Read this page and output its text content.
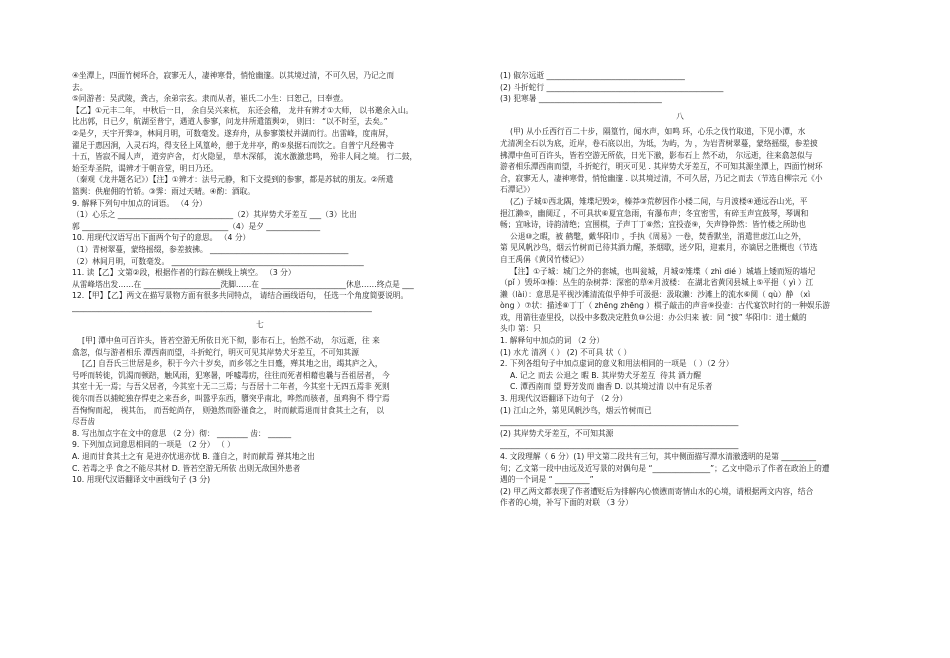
④坐潭上，四面竹树环合，寂寥无人，凄神寒骨，悄怆幽邃。以其境过清，不可久居，乃记之而
去。
⑤同游者：吴武陵，龚古，余弟宗玄。隶而从者，崔氏二小生：曰恕己，曰奉壹。
【乙】①元丰二年， 中秋后一日， 余自吴兴来杭， 东还会稽， 龙井有辨才①大师， 以书邀余入山。
比出郭，日已夕，航湖至普宁，遇道人参寥，问龙井所遣篮舆②， 则曰： “以不时至，去矣。”
②是夕，天宇开霁③，林间月明，可数毫发。遂弃舟，从参寥策杖并湖而行。出雷峰，度南屏，
濯足于惠因涧，入灵石坞，得支径上风篁岭，憩于龙井亭，酌⑤泉据石而饮之。自普宁凡经佛寺
十五，皆寂不闻人声， 道旁庐舍， 灯火隐显， 草木深郁， 流水激激悲鸣， 殆非人间之境。 行二鼓，
始至寿圣院，谒辨才于朝音堂，明日乃还。
（秦观《龙井题名记》）【注】①辨才：法号元静，和下文提到的参寥，都是苏轼的朋友。②所遣
篮舆：供雇佣的竹轿。③霁：雨过天晴。④酌：酒取。
9. 解释下列句中加点的词语。 （4 分）
（1）心乐之 ______________________________（2）其岸势犬牙差互 ___（3）比出
郭 ______________________________________（4）是夕 ______________
10. 用现代汉语写出下面两个句子的意思。 （4 分）
（1）青树翠蔓，蒙络摇缀，参差披拂。 ____________________________________
（2）林间月明，可数毫发。 __________________________________________________
11. 读【乙】文第②段，根据作者的行踪在横线上填空。 （3 分）
从雷峰塔出发……在 ____________________洗脚……在 ______________________休息……终点是 ___
12.【甲】【乙】两文在描写景物方面有很多共同特点， 请结合画线语句， 任选一个角度简要说明。
______________________________________________________________________________
七
[甲] 潭中鱼可百许头，皆若空游无所依日光下彻，影布石上，怡然不动， 尔远逝，往 来
翕忽，似与游者相乐 潭西南而望，斗折蛇行，明灭可见其岸势犬牙差互，不可知其源
[乙] 自吾氏三世居是乡，积于今六十岁矣，而乡邻之生日蹙，殚其地之出，竭其庐之入，
号呼而转徙，饥渴而顿踣，触风雨，犯寒暑，呼嘘毒疠，往往而死者相藉也曩与吾祖居者， 今
其室十无一焉；与吾父居者，今其室十无二三焉；与吾居十二年者，今其室十无四五焉非 死则
徙尔而吾以捕蛇独存悍吏之来吾乡，叫嚣乎东西，隳突乎南北，哗然而骇者，虽鸡狗不 得宁焉
吾恂恂而起， 视其缶， 而吾蛇尚存， 则弛然而卧谨食之， 时而献焉退而甘食其土之有， 以
尽吾齿
8. 写出加点字在文中的意思 （2 分）彻： ________ 齿： ______
9. 下列加点词意思相同的一项是 （2 分） （ ）
A. 退而甘食其土之有 是进亦忧退亦忧 B. 蓬自之，时而献焉 弹其地之出
C. 若毒之乎 食之不能尽其材 D. 皆若空游无所依 出则无敌国外患者
10. 用现代汉语翻译文中画线句子 (3 分)
(1) 俶尔远逝 ____________________________________
(2) 斗折蛇行 ______________________________________________
(3) 犯寒暑 ________________________________
八
(甲) 从小丘西行百二十步，隔篁竹，闻水声，如鸣 环，心乐之伐竹取道，下见小潭，水
尤清冽全石以为底，近岸，卷石底以出，为坻，为屿，为 ，为岩青树翠蔓，蒙络摇缀，参差披
拂潭中鱼可百许头，皆若空游无所依，日光下澈，影布石上 然不动， 尔远逝，往来翕忽似与
游者相乐潭西南而望，斗折蛇行，明灭可见 . 其岸势犬牙差互，不可知其源坐潭上，四面竹树环
合，寂寥无人，凄神寒骨，悄怆幽邃 . 以其境过清，不可久居，乃记之而去（节选自柳宗元《小
石潭记》）
(乙) 子城①西北隅，雉堞圮毁②，榛莽③荒秽因作小楼二间，与月波楼④通远吞山光，平
挹江濑⑤，幽阒辽 ，不可具状⑥夏宜急雨，有瀑布声；冬宜密雪，有碎玉声宜鼓琴，琴调和
畅；宜咏诗，诗韵清绝；宜围棋，子声丁丁⑧然；宜投壶⑨，矢声铮铮然：皆竹楼之所助也
公退⑩之暇，被 鹤氅，戴华阳巾 ，手执《周易》一卷，焚香默坐，消遣世虑江山之外，
第 见风帆沙鸟，烟云竹树而已待其酒力醒，茶烟歇，送夕阳，迎素月，亦谪居之胜概也（节选
自王禹偁《黄冈竹楼记》）
【注】①子城：城门之外的套城，也叫瓮城，月城②雉堞（ zhì dié ）城墙上矮而短的墙圮
（pǐ ）毁坏③榛：丛生的杂树莽：深密的草④月波楼： 在湖北省黄冈县城上⑤平挹（ yì ）江
濑（lài）：意思是平视沙滩清流似乎伸手可汲挹：汲取濑：沙滩上的流水⑥阒（ qù）静 （xì
òng ）⑦状：描述⑧丁丁（ zhēng zhēng ）棋子敲击的声音⑨投壶：古代宴饮时行的一种娱乐游
戏，用箭往壶里投，以投中多数决定胜负⑩公退：办公归来 被：同 “披” 华阳巾：道士戴的
头巾 第：只
1. 解释句中加点的词 （2 分）
(1) 水尤 清冽（ ） (2) 不可具 状（ ）
2. 下列各组句子中加点虚词的意义和用法相同的一项是 （ ）（2 分）
A. 记之 而去 公退之 暇 B. 其岸势犬牙差互 ‍‍‍ 待其 酒力醒
C. 潭西南而 望 野芳发而 幽香 D. 以其境过清 以中有足乐者
3. 用现代汉语翻译下边句子 （2 分）
(1) 江山之外，第见风帆沙鸟，烟云竹树而已
______________________________________________________________
(2) 其岸势犬牙差互，不可知其源
______________________________________________________________
4. 文段理解（ 6 分）(1) 甲文第二段共有三句，其中侧面描写潭水清澈透明的是第 _________
句；乙文第一段中由远及近写景的对偶句是 “_______________”；乙文中隐示了作者在政治上的遭
遇的一个词是 “ _________”
(2) 甲乙两文都表现了作者遭贬后为排解内心愤懑而寄情山水的心境，请根据两文内容，结合
作者的心境，补写下面的对联 （3 分）
